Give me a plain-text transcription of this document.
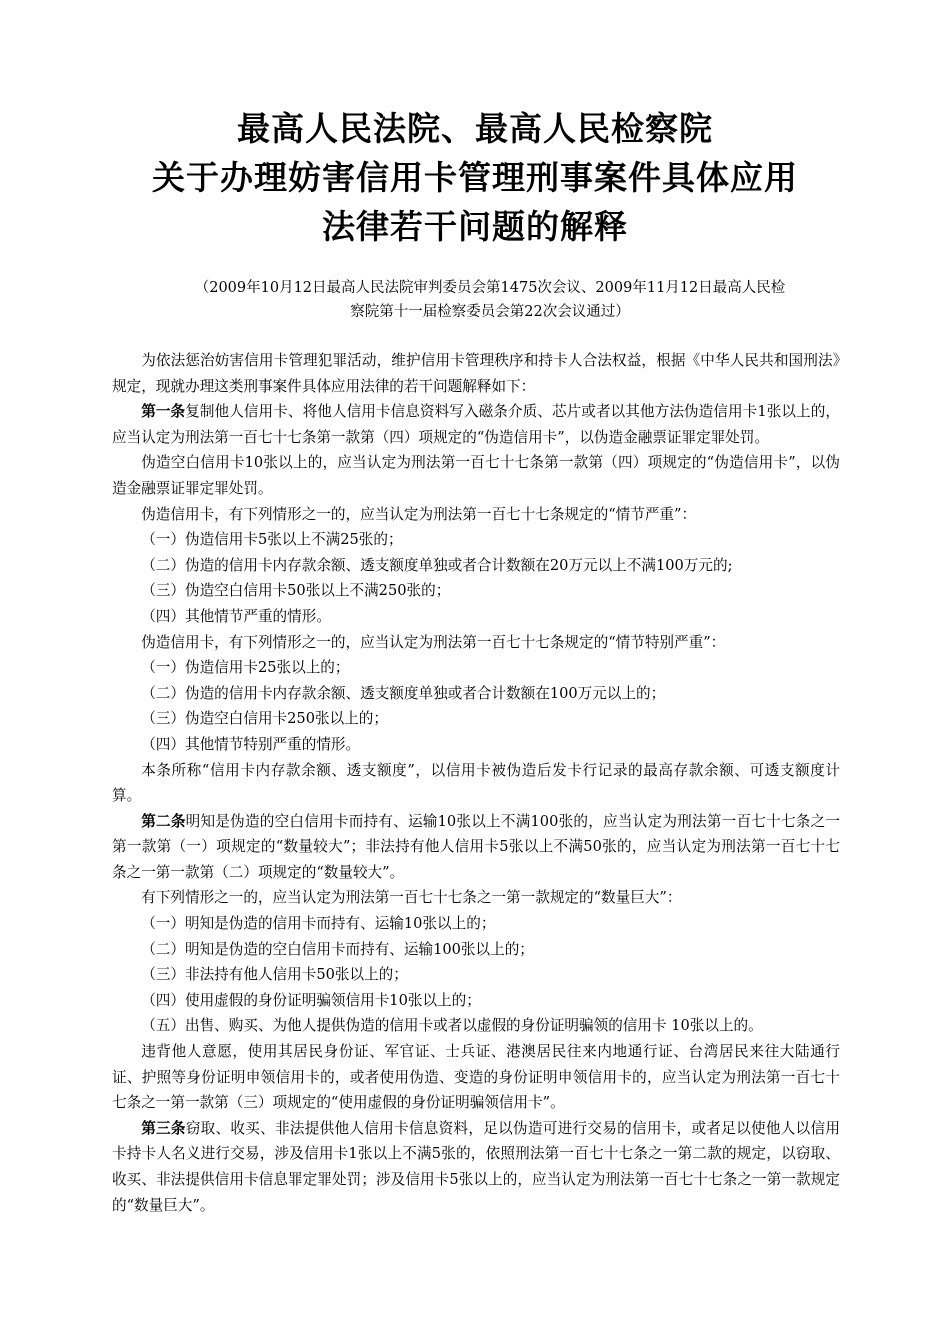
最高人民法院、最高人民检察院
关于办理妨害信用卡管理刑事案件具体应用
法律若干问题的解释
（2009年10月12日最高人民法院审判委员会第1475次会议、2009年11月12日最高人民检
察院第十一届检察委员会第22次会议通过）

为依法惩治妨害信用卡管理犯罪活动，维护信用卡管理秩序和持卡人合法权益，根据《中华人民共和国刑法》规定，现就办理这类刑事案件具体应用法律的若干问题解释如下：

第一条复制他人信用卡、将他人信用卡信息资料写入磁条介质、芯片或者以其他方法伪造信用卡1张以上的，应当认定为刑法第一百七十七条第一款第（四）项规定的“伪造信用卡”，以伪造金融票证罪定罪处罚。

伪造空白信用卡10张以上的，应当认定为刑法第一百七十七条第一款第（四）项规定的“伪造信用卡”，以伪造金融票证罪定罪处罚。

伪造信用卡，有下列情形之一的，应当认定为刑法第一百七十七条规定的“情节严重”：

（一）伪造信用卡5张以上不满25张的；

（二）伪造的信用卡内存款余额、透支额度单独或者合计数额在20万元以上不满100万元的;

（三）伪造空白信用卡50张以上不满250张的；

（四）其他情节严重的情形。

伪造信用卡，有下列情形之一的，应当认定为刑法第一百七十七条规定的“情节特别严重”：

（一）伪造信用卡25张以上的；

（二）伪造的信用卡内存款余额、透支额度单独或者合计数额在100万元以上的；

（三）伪造空白信用卡250张以上的；

（四）其他情节特别严重的情形。

本条所称“信用卡内存款余额、透支额度”，以信用卡被伪造后发卡行记录的最高存款余额、可透支额度计算。

第二条明知是伪造的空白信用卡而持有、运输10张以上不满100张的，应当认定为刑法第一百七十七条之一第一款第（一）项规定的“数量较大”；非法持有他人信用卡5张以上不满50张的，应当认定为刑法第一百七十七条之一第一款第（二）项规定的“数量较大”。

有下列情形之一的，应当认定为刑法第一百七十七条之一第一款规定的“数量巨大”：

（一）明知是伪造的信用卡而持有、运输10张以上的；

（二）明知是伪造的空白信用卡而持有、运输100张以上的；

（三）非法持有他人信用卡50张以上的；

（四）使用虚假的身份证明骗领信用卡10张以上的；

（五）出售、购买、为他人提供伪造的信用卡或者以虚假的身份证明骗领的信用卡 10张以上的。

违背他人意愿，使用其居民身份证、军官证、士兵证、港澳居民往来内地通行证、台湾居民来往大陆通行证、护照等身份证明申领信用卡的，或者使用伪造、变造的身份证明申领信用卡的，应当认定为刑法第一百七十七条之一第一款第（三）项规定的“使用虚假的身份证明骗领信用卡”。

第三条窃取、收买、非法提供他人信用卡信息资料，足以伪造可进行交易的信用卡，或者足以使他人以信用卡持卡人名义进行交易，涉及信用卡1张以上不满5张的，依照刑法第一百七十七条之一第二款的规定，以窃取、收买、非法提供信用卡信息罪定罪处罚；涉及信用卡5张以上的，应当认定为刑法第一百七十七条之一第一款规定的“数量巨大”。
